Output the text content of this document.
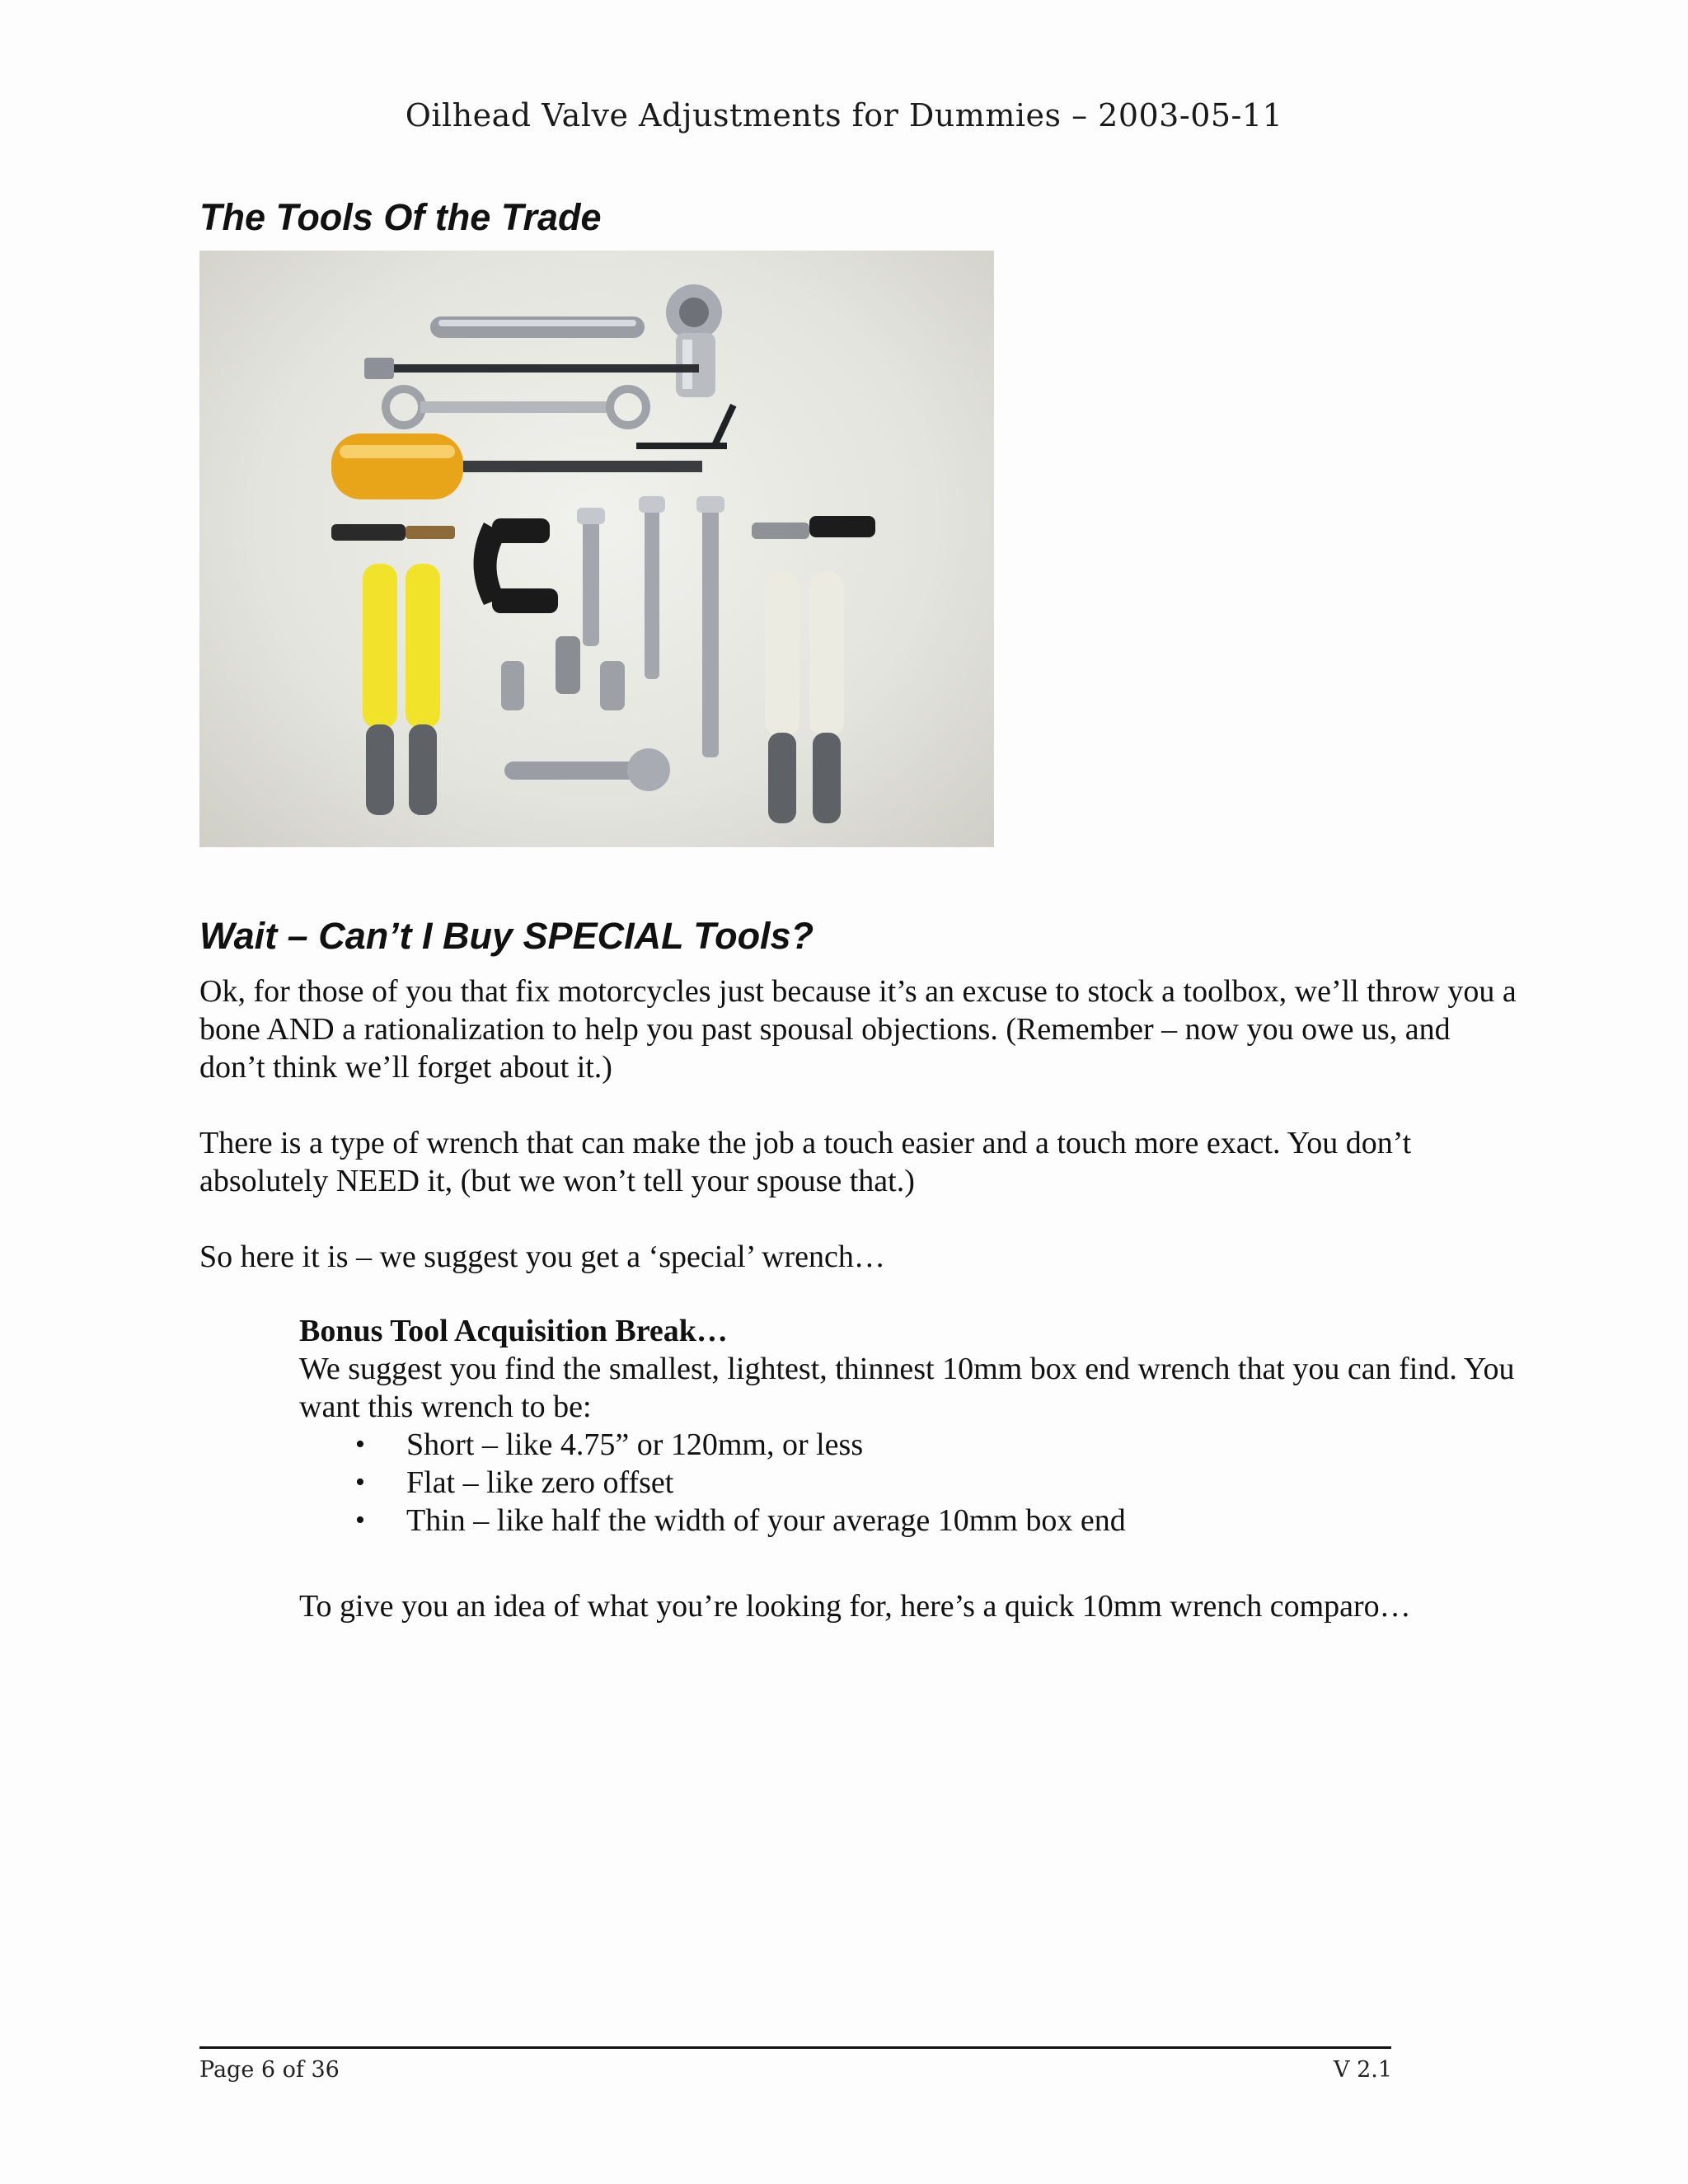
Oilhead Valve Adjustments for Dummies – 2003-05-11
The Tools Of the Trade
Wait – Can’t I Buy SPECIAL Tools?

Ok, for those of you that fix motorcycles just because it’s an excuse to stock a toolbox, we’ll throw you a bone AND a rationalization to help you past spousal objections. (Remember – now you owe us, and don’t think we’ll forget about it.)

There is a type of wrench that can make the job a touch easier and a touch more exact. You don’t absolutely NEED it, (but we won’t tell your spouse that.)

So here it is – we suggest you get a ‘special’ wrench…

Bonus Tool Acquisition Break…
We suggest you find the smallest, lightest, thinnest 10mm box end wrench that you can find. You want this wrench to be:
• Short – like 4.75” or 120mm, or less
• Flat – like zero offset
• Thin – like half the width of your average 10mm box end
To give you an idea of what you’re looking for, here’s a quick 10mm wrench comparo…
Page 6 of 36	V 2.1
